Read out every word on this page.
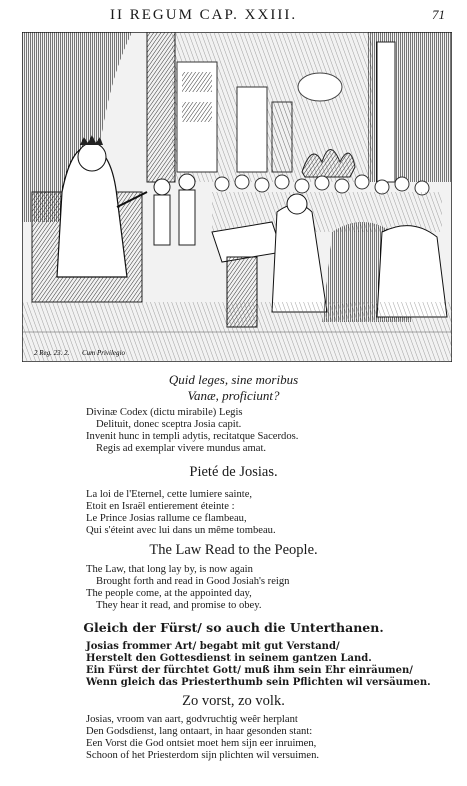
II REGUM CAP. XXIII.	71
2 Reg. 23. 2. Cum Privilegio
Quid leges, sine moribus
Vanæ, proficiunt?
Divinæ Codex (dictu mirabile) Legis
Delituit, donec sceptra Josia capit.
Invenit hunc in templi adytis, recitatque Sacerdos.
Regis ad exemplar vivere mundus amat.
Pieté de Josias.
La loi de l'Eternel, cette lumiere sainte,
Etoit en Israël entierement éteinte :
Le Prince Josias rallume ce flambeau,
Qui s'éteint avec lui dans un même tombeau.
The Law Read to the People.
The Law, that long lay by, is now again
Brought forth and read in Good Josiah's reign
The people come, at the appointed day,
They hear it read, and promise to obey.
Gleich der Fürst/ so auch die Unterthanen.
Josias frommer Art/ begabt mit gut Verstand/
Herstelt den Gottesdienst in seinem gantzen Land.
Ein Fürst der fürchtet Gott/ muß ihm sein Ehr einräumen/
Wenn gleich das Priesterthumb sein Pflichten wil versäumen.
Zo vorst, zo volk.
Josias, vroom van aart, godvruchtig weêr herplant
Den Godsdienst, lang ontaart, in haar gesonden stant:
Een Vorst die God ontsiet moet hem sijn eer inruimen,
Schoon of het Priesterdom sijn plichten wil versuimen.
